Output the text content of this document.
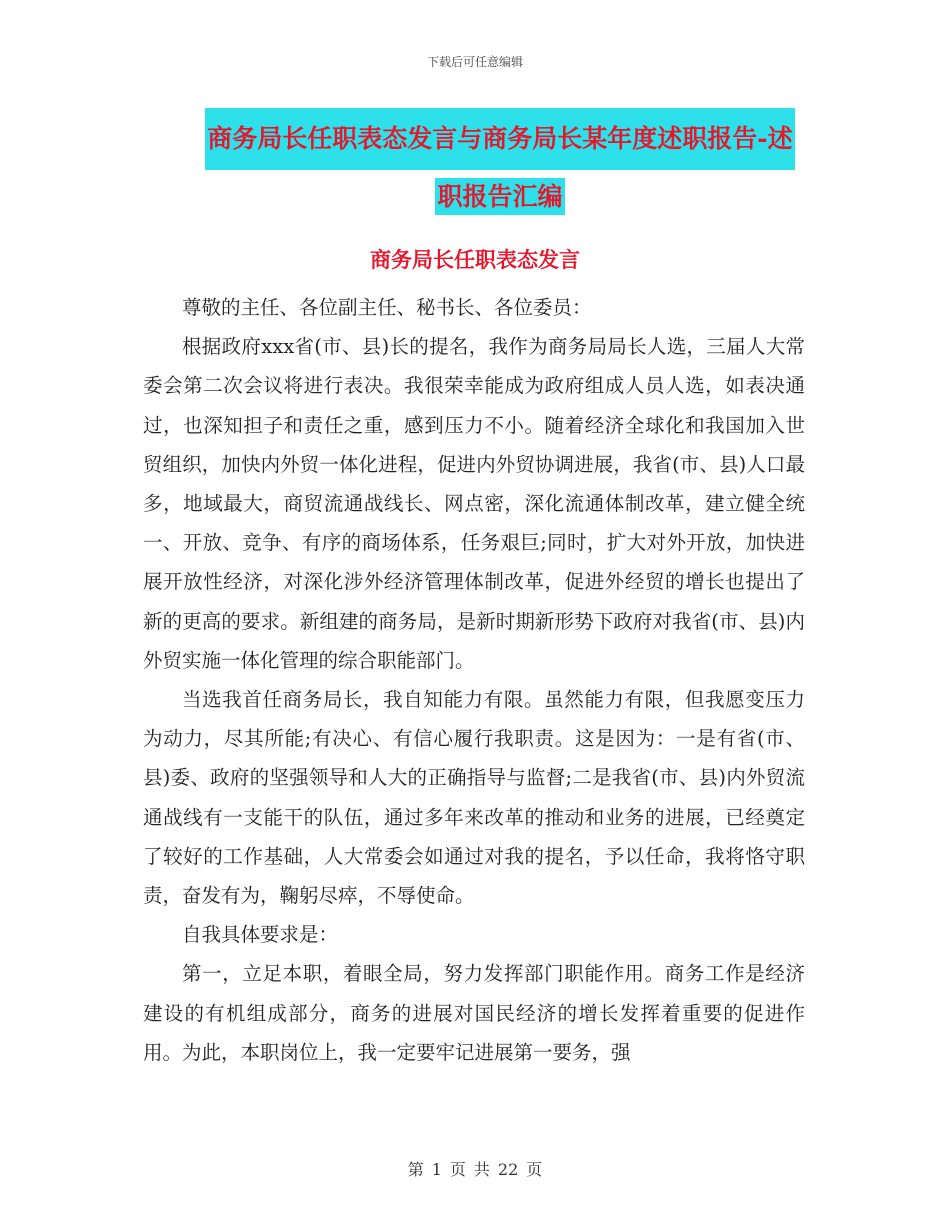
下载后可任意编辑
商务局长任职表态发言与商务局长某年度述职报告-述
职报告汇编
商务局长任职表态发言

尊敬的主任、各位副主任、秘书长、各位委员：

根据政府xxx省(市、县)长的提名，我作为商务局局长人选，三届人大常委会第二次会议将进行表决。我很荣幸能成为政府组成人员人选，如表决通过，也深知担子和责任之重，感到压力不小。随着经济全球化和我国加入世贸组织，加快内外贸一体化进程，促进内外贸协调进展，我省(市、县)人口最多，地域最大，商贸流通战线长、网点密，深化流通体制改革，建立健全统一、开放、竞争、有序的商场体系，任务艰巨;同时，扩大对外开放，加快进展开放性经济，对深化涉外经济管理体制改革，促进外经贸的增长也提出了新的更高的要求。新组建的商务局，是新时期新形势下政府对我省(市、县)内外贸实施一体化管理的综合职能部门。

当选我首任商务局长，我自知能力有限。虽然能力有限，但我愿变压力为动力，尽其所能;有决心、有信心履行我职责。这是因为：一是有省(市、县)委、政府的坚强领导和人大的正确指导与监督;二是我省(市、县)内外贸流通战线有一支能干的队伍，通过多年来改革的推动和业务的进展，已经奠定了较好的工作基础，人大常委会如通过对我的提名，予以任命，我将恪守职责，奋发有为，鞠躬尽瘁，不辱使命。

自我具体要求是：

第一，立足本职，着眼全局，努力发挥部门职能作用。商务工作是经济建设的有机组成部分，商务的进展对国民经济的增长发挥着重要的促进作用。为此，本职岗位上，我一定要牢记进展第一要务，强

第 1 页 共 22 页
